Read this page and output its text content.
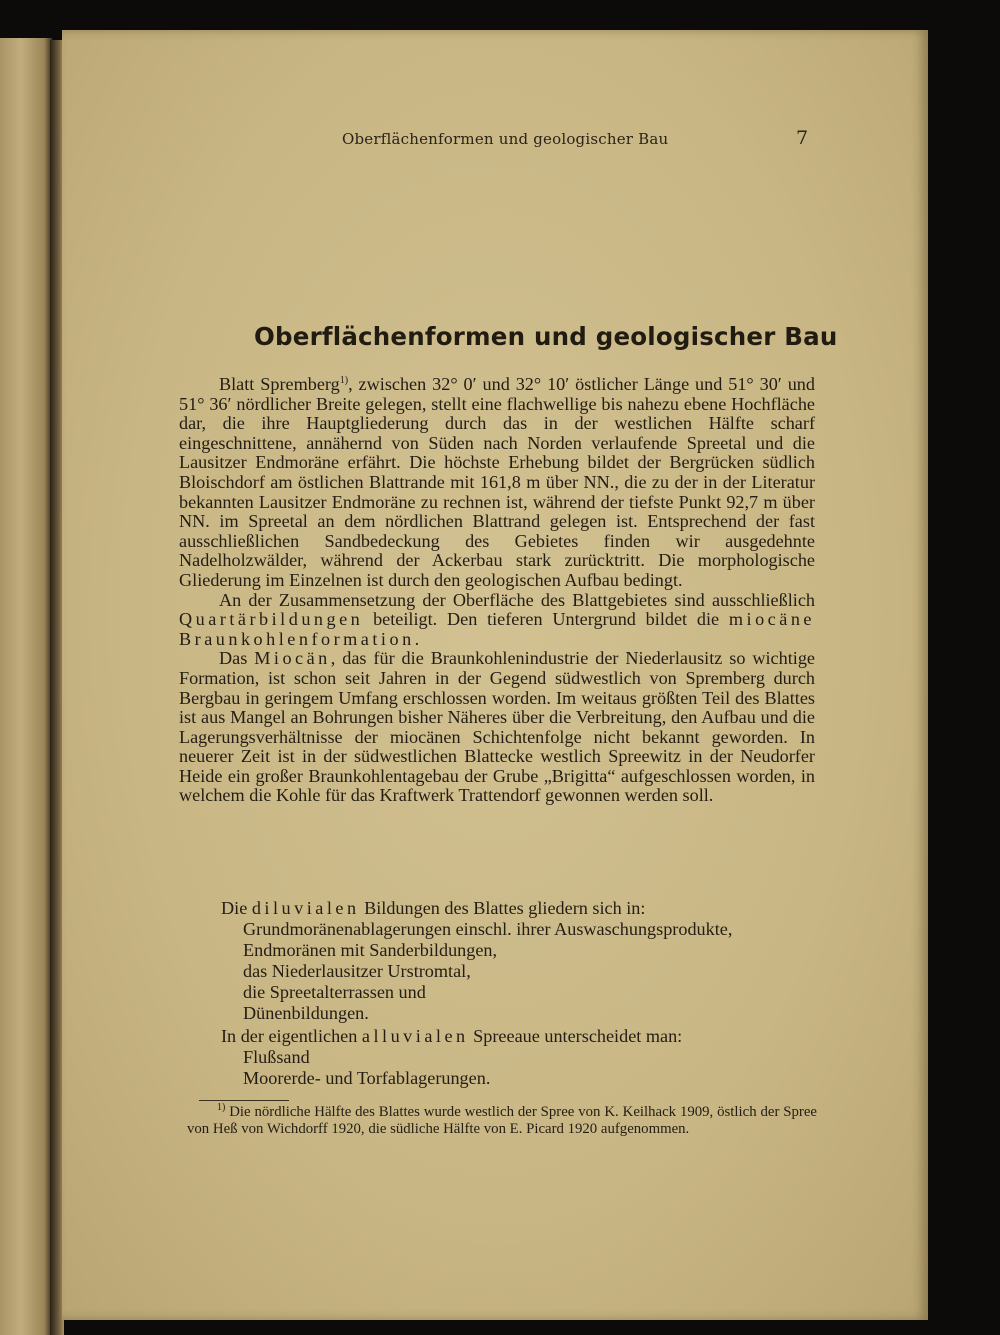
Oberflächenformen und geologischer Bau	7
Oberflächenformen und geologischer Bau

Blatt Spremberg$^{1)}$, zwischen 32° 0′ und 32° 10′ östlicher Länge und 51° 30′ und 51° 36′ nördlicher Breite gelegen, stellt eine flachwellige bis nahezu ebene Hochfläche dar, die ihre Hauptgliederung durch das in der westlichen Hälfte scharf eingeschnittene, annähernd von Süden nach Norden verlaufende Spreetal und die Lausitzer Endmoräne erfährt. Die höchste Erhebung bildet der Bergrücken südlich Bloischdorf am östlichen Blattrande mit 161,8 m über NN., die zu der in der Literatur bekannten Lausitzer Endmoräne zu rechnen ist, während der tiefste Punkt 92,7 m über NN. im Spreetal an dem nördlichen Blattrand gelegen ist. Entsprechend der fast ausschließlichen Sandbedeckung des Gebietes finden wir ausgedehnte Nadelholzwälder, während der Ackerbau stark zurücktritt. Die morphologische Gliederung im Einzelnen ist durch den geologischen Aufbau bedingt.

An der Zusammensetzung der Oberfläche des Blattgebietes sind ausschließlich Quartärbildungen beteiligt. Den tieferen Untergrund bildet die miocäne Braunkohlenformation.

Das Miocän, das für die Braunkohlenindustrie der Niederlausitz so wichtige Formation, ist schon seit Jahren in der Gegend südwestlich von Spremberg durch Bergbau in geringem Umfang erschlossen worden. Im weitaus größten Teil des Blattes ist aus Mangel an Bohrungen bisher Näheres über die Verbreitung, den Aufbau und die Lagerungsverhältnisse der miocänen Schichtenfolge nicht bekannt geworden. In neuerer Zeit ist in der südwestlichen Blattecke westlich Spreewitz in der Neudorfer Heide ein großer Braunkohlentagebau der Grube „Brigitta“ aufgeschlossen worden, in welchem die Kohle für das Kraftwerk Trattendorf gewonnen werden soll.

Die diluvialen Bildungen des Blattes gliedern sich in:
Grundmoränenablagerungen einschl. ihrer Auswaschungsprodukte,
Endmoränen mit Sanderbildungen,
das Niederlausitzer Urstromtal,
die Spreetalterrassen und
Dünenbildungen.
In der eigentlichen alluvialen Spreeaue unterscheidet man:
Flußsand
Moorerde- und Torfablagerungen.

$^{1)}$ Die nördliche Hälfte des Blattes wurde westlich der Spree von K. Keilhack 1909, östlich der Spree von Heß von Wichdorff 1920, die südliche Hälfte von E. Picard 1920 aufgenommen.
